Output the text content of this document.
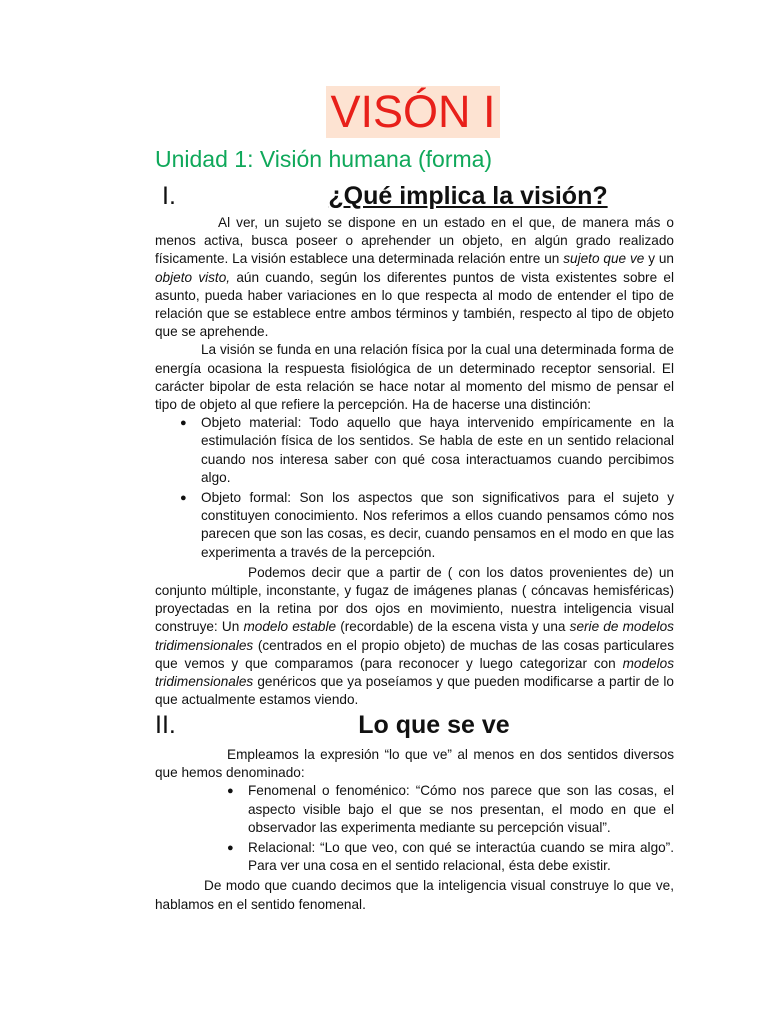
VISÓN I
Unidad 1: Visión humana (forma)
I.	¿Qué implica la visión?

Al ver, un sujeto se dispone en un estado en el que, de manera más o menos activa, busca poseer o aprehender un objeto, en algún grado realizado físicamente. La visión establece una determinada relación entre un sujeto que ve y un objeto visto, aún cuando, según los diferentes puntos de vista existentes sobre el asunto, pueda haber variaciones en lo que respecta al modo de entender el tipo de relación que se establece entre ambos términos y también, respecto al tipo de objeto que se aprehende.

La visión se funda en una relación física por la cual una determinada forma de energía ocasiona la respuesta fisiológica de un determinado receptor sensorial. El carácter bipolar de esta relación se hace notar al momento del mismo de pensar el tipo de objeto al que refiere la percepción. Ha de hacerse una distinción:

● Objeto material: Todo aquello que haya intervenido empíricamente en la estimulación física de los sentidos. Se habla de este en un sentido relacional cuando nos interesa saber con qué cosa interactuamos cuando percibimos algo.
● Objeto formal: Son los aspectos que son significativos para el sujeto y constituyen conocimiento. Nos referimos a ellos cuando pensamos cómo nos parecen que son las cosas, es decir, cuando pensamos en el modo en que las experimenta a través de la percepción.

Podemos decir que a partir de ( con los datos provenientes de) un conjunto múltiple, inconstante, y fugaz de imágenes planas ( cóncavas hemisféricas) proyectadas en la retina por dos ojos en movimiento, nuestra inteligencia visual construye: Un modelo estable (recordable) de la escena vista y una serie de modelos tridimensionales (centrados en el propio objeto) de muchas de las cosas particulares que vemos y que comparamos (para reconocer y luego categorizar con modelos tridimensionales genéricos que ya poseíamos y que pueden modificarse a partir de lo que actualmente estamos viendo.

II.	Lo que se ve

Empleamos la expresión “lo que ve” al menos en dos sentidos diversos que hemos denominado:

● Fenomenal o fenoménico: “Cómo nos parece que son las cosas, el aspecto visible bajo el que se nos presentan, el modo en que el observador las experimenta mediante su percepción visual”.
● Relacional: “Lo que veo, con qué se interactúa cuando se mira algo”. Para ver una cosa en el sentido relacional, ésta debe existir.

De modo que cuando decimos que la inteligencia visual construye lo que ve, hablamos en el sentido fenomenal.
